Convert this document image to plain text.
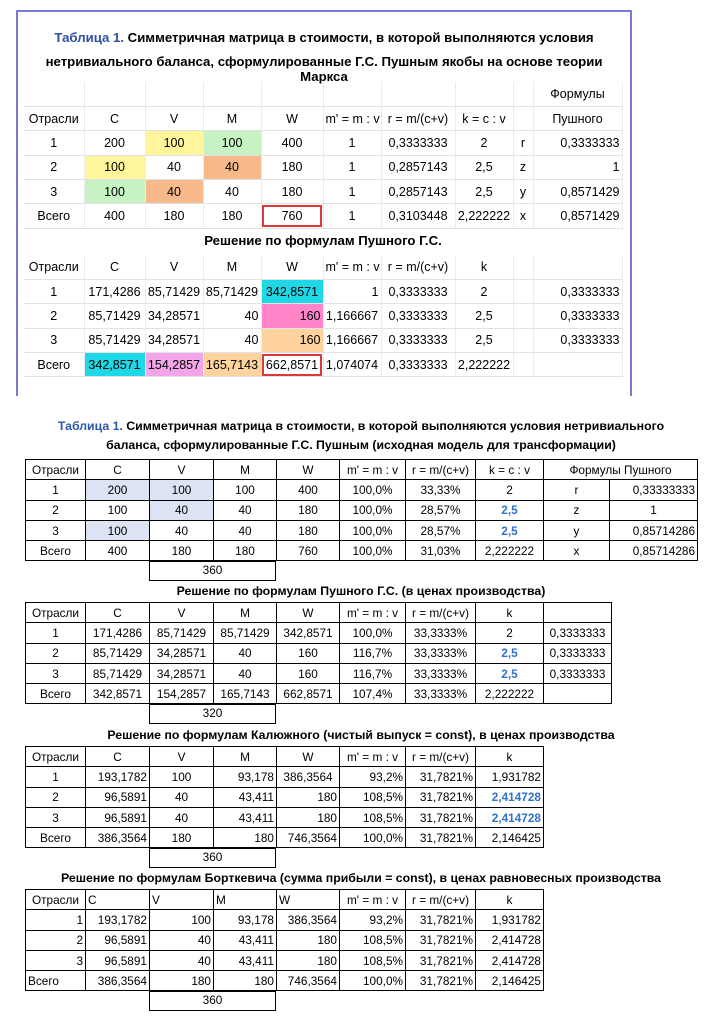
Таблица 1. Симметричная матрица в стоимости, в которой выполняются условия
нетривиального баланса, сформулированные Г.С. Пушным якобы на основе теории Маркса
									Формулы
Отрасли	C	V	M	W	m' = m : v	r = m/(c+v)	k = c : v		Пушного
1	200	100	100	400	1	0,3333333	2	r	0,3333333
2	100	40	40	180	1	0,2857143	2,5	z	1
3	100	40	40	180	1	0,2857143	2,5	y	0,8571429
Всего	400	180	180	760	1	0,3103448	2,222222	x	0,8571429
Решение по формулам Пушного Г.С.
Отрасли	C	V	M	W	m' = m : v	r = m/(c+v)	k		
1	171,4286	85,71429	85,71429	342,8571	1	0,3333333	2		0,3333333
2	85,71429	34,28571	40	160	1,166667	0,3333333	2,5		0,3333333
3	85,71429	34,28571	40	160	1,166667	0,3333333	2,5		0,3333333
Всего	342,8571	154,2857	165,7143	662,8571	1,074074	0,3333333	2,222222		
Таблица 1. Симметричная матрица в стоимости, в которой выполняются условия нетривиального
баланса, сформулированные Г.С. Пушным (исходная модель для трансформации)
Отрасли	C	V	M	W	m' = m : v	r = m/(c+v)	k = c : v	Формулы Пушного	
1	200	100	100	400	100,0%	33,33%	2	r	0,33333333
2	100	40	40	180	100,0%	28,57%	2,5	z	1
3	100	40	40	180	100,0%	28,57%	2,5	y	0,85714286
Всего	400	180	180	760	100,0%	31,03%	2,222222	x	0,85714286
360
Решение по формулам Пушного Г.С. (в ценах производства)
Отрасли	C	V	M	W	m' = m : v	r = m/(c+v)	k	
1	171,4286	85,71429	85,71429	342,8571	100,0%	33,3333%	2	0,3333333
2	85,71429	34,28571	40	160	116,7%	33,3333%	2,5	0,3333333
3	85,71429	34,28571	40	160	116,7%	33,3333%	2,5	0,3333333
Всего	342,8571	154,2857	165,7143	662,8571	107,4%	33,3333%	2,222222	
320
Решение по формулам Калюжного (чистый выпуск = const), в ценах производства
Отрасли	C	V	M	W	m' = m : v	r = m/(c+v)	k
1	193,1782	100	93,178	386,3564	93,2%	31,7821%	1,931782
2	96,5891	40	43,411	180	108,5%	31,7821%	2,414728
3	96,5891	40	43,411	180	108,5%	31,7821%	2,414728
Всего	386,3564	180	180	746,3564	100,0%	31,7821%	2,146425
360
Решение по формулам Борткевича (сумма прибыли = const), в ценах равновесных производства
Отрасли	C	V	M	W	m' = m : v	r = m/(c+v)	k
1	193,1782	100	93,178	386,3564	93,2%	31,7821%	1,931782
2	96,5891	40	43,411	180	108,5%	31,7821%	2,414728
3	96,5891	40	43,411	180	108,5%	31,7821%	2,414728
Всего	386,3564	180	180	746,3564	100,0%	31,7821%	2,146425
360
